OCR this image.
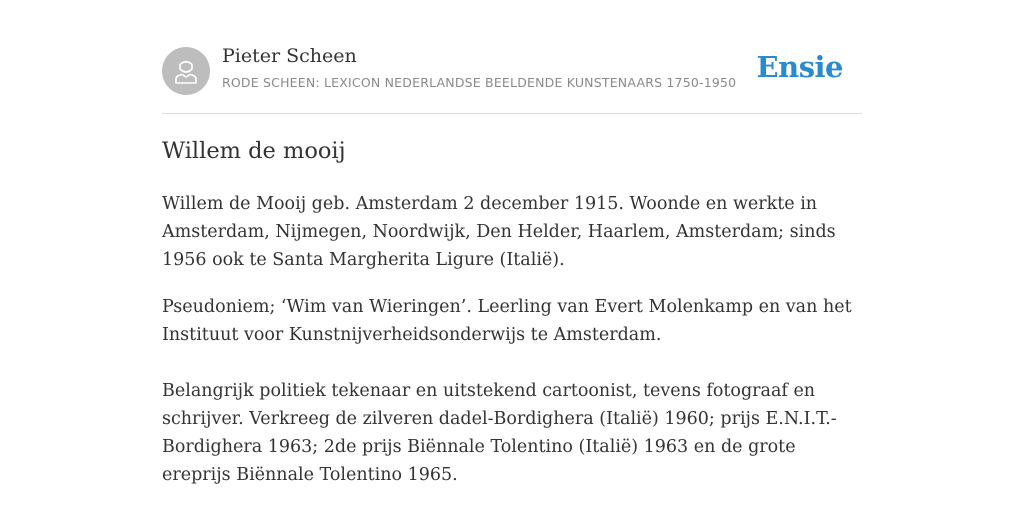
Pieter Scheen
RODE SCHEEN: LEXICON NEDERLANDSE BEELDENDE KUNSTENAARS 1750-1950 Ensie
Willem de mooij

Willem de Mooij geb. Amsterdam 2 december 1915. Woonde en werkte in Amsterdam, Nijmegen, Noordwijk, Den Helder, Haarlem, Amsterdam; sinds 1956 ook te Santa Margherita Ligure (Italië).

Pseudoniem; ‘Wim van Wieringen’. Leerling van Evert Molenkamp en van het Instituut voor Kunstnijverheidsonderwijs te Amsterdam.

Belangrijk politiek tekenaar en uitstekend cartoonist, tevens fotograaf en schrijver. Verkreeg de zilveren dadel-Bordighera (Italië) 1960; prijs E.N.I.T.-Bordighera 1963; 2de prijs Biënnale Tolentino (Italië) 1963 en de grote ereprijs Biënnale Tolentino 1965.
